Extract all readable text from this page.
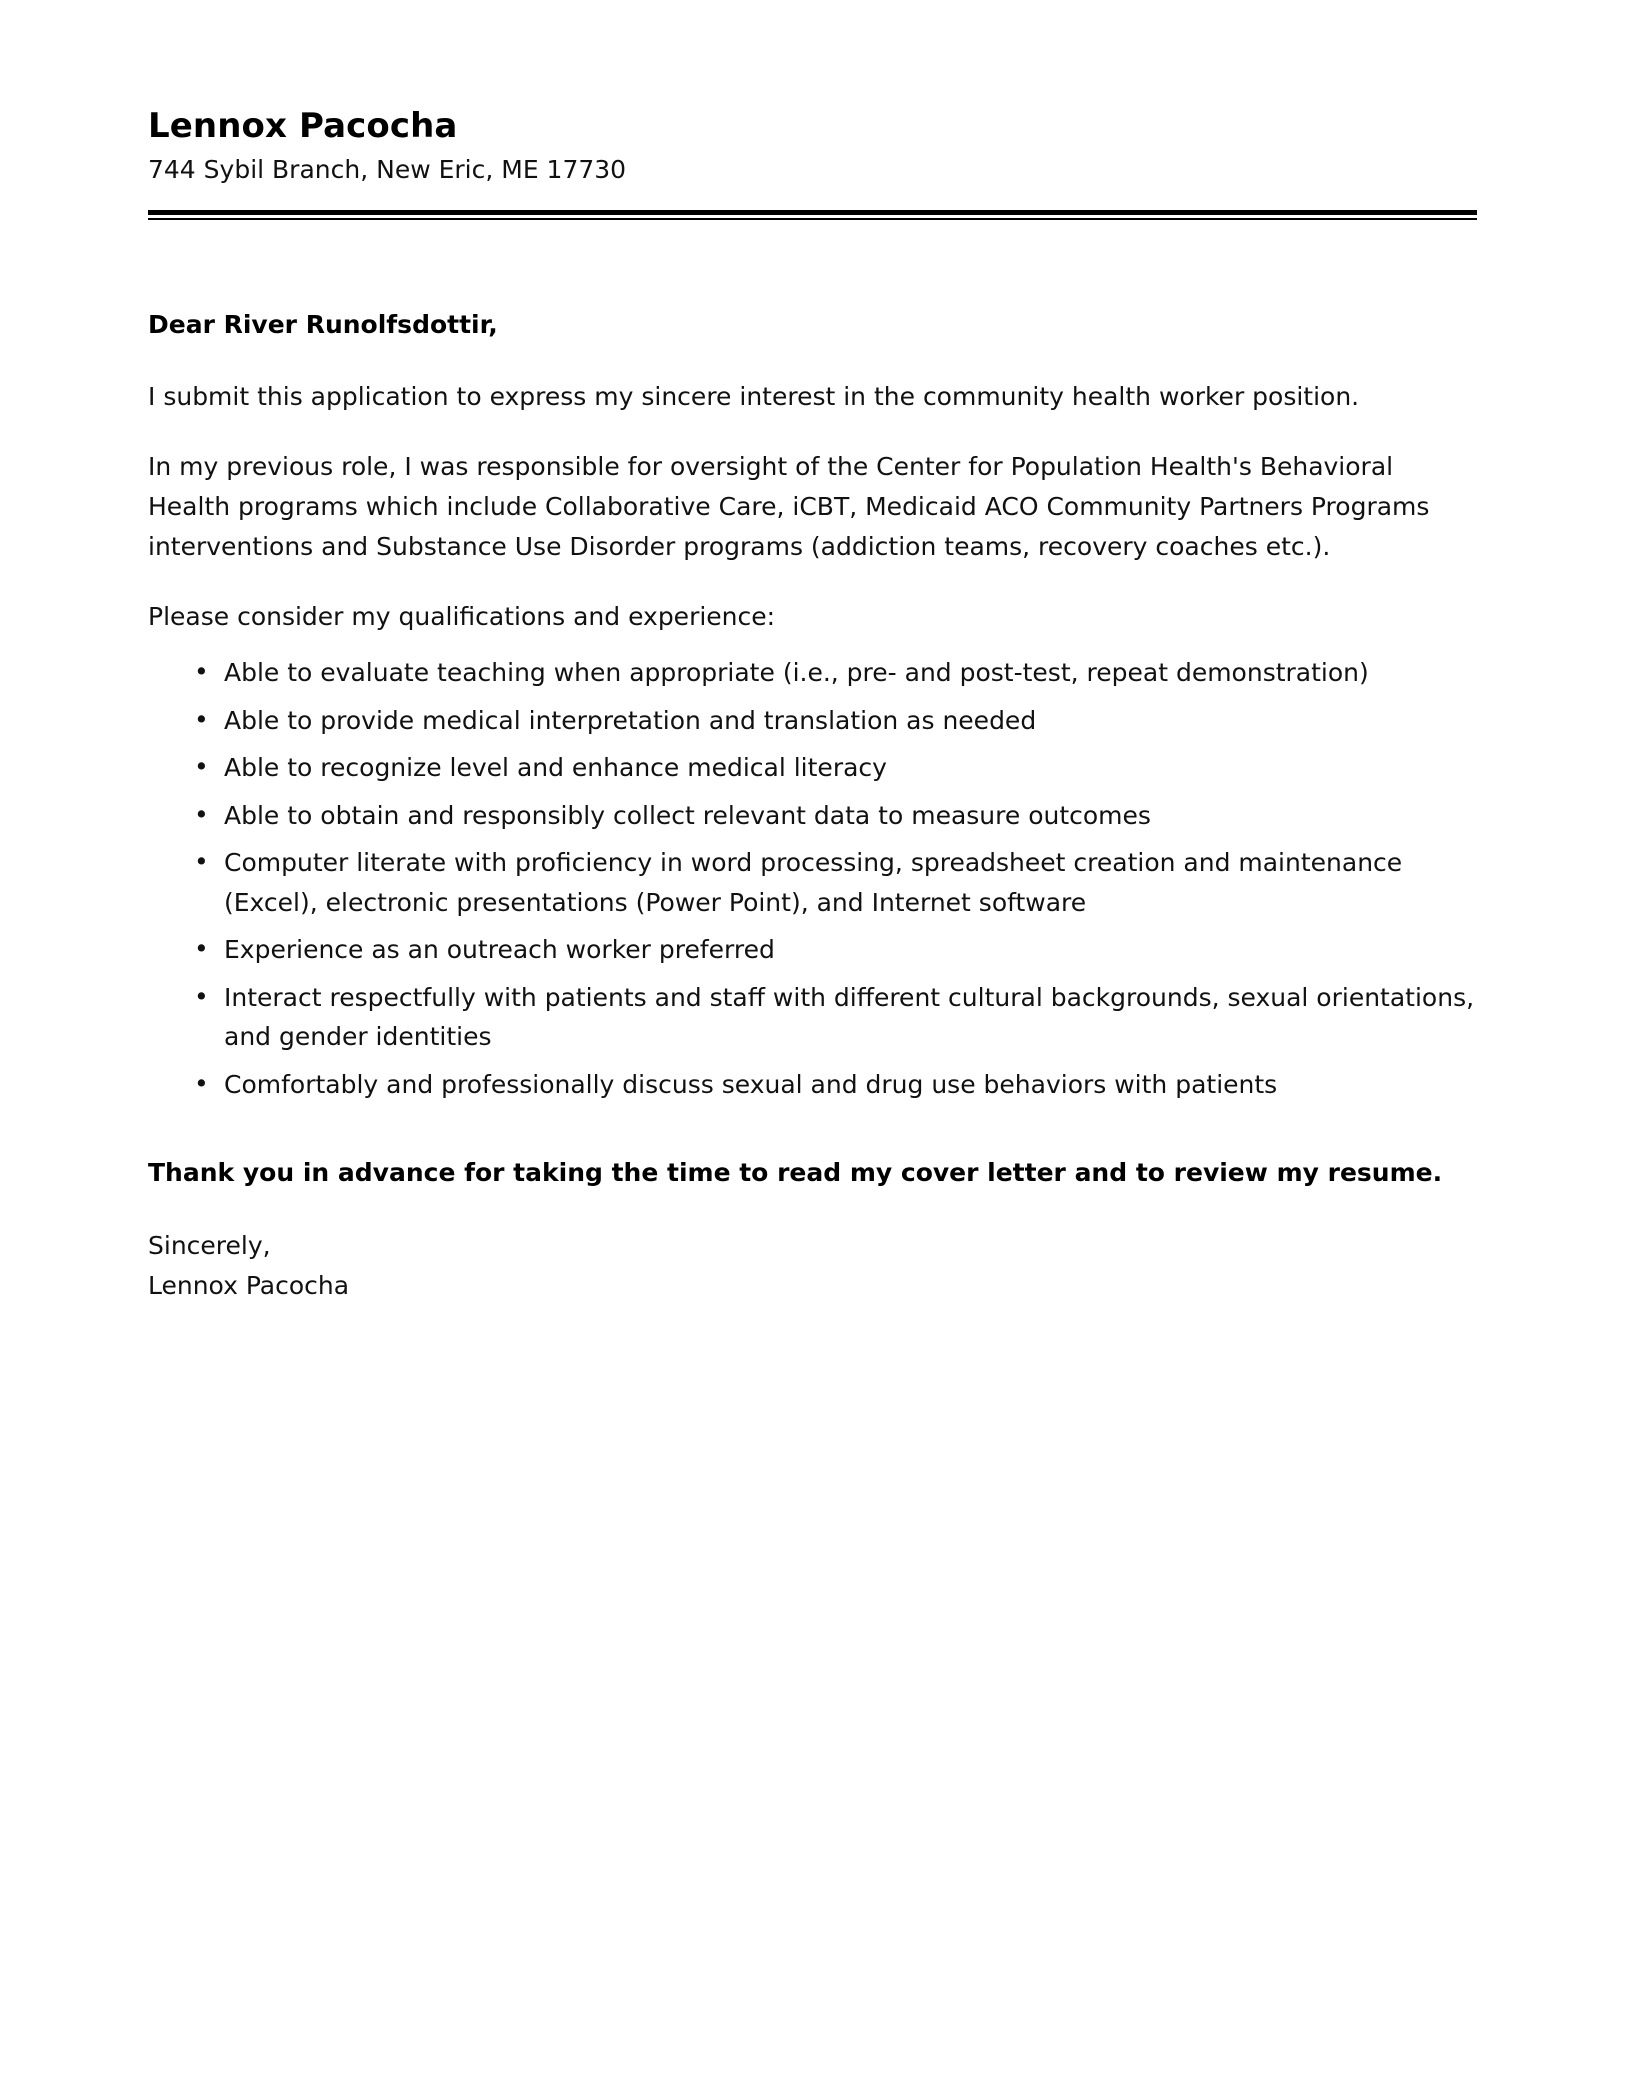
Lennox Pacocha
744 Sybil Branch, New Eric, ME 17730
Dear River Runolfsdottir,

I submit this application to express my sincere interest in the community health worker position.

In my previous role, I was responsible for oversight of the Center for Population Health's Behavioral Health programs which include Collaborative Care, iCBT, Medicaid ACO Community Partners Programs interventions and Substance Use Disorder programs (addiction teams, recovery coaches etc.).

Please consider my qualifications and experience:

• Able to evaluate teaching when appropriate (i.e., pre- and post-test, repeat demonstration)
• Able to provide medical interpretation and translation as needed
• Able to recognize level and enhance medical literacy
• Able to obtain and responsibly collect relevant data to measure outcomes
• Computer literate with proficiency in word processing, spreadsheet creation and maintenance (Excel), electronic presentations (Power Point), and Internet software
• Experience as an outreach worker preferred
• Interact respectfully with patients and staff with different cultural backgrounds, sexual orientations, and gender identities
• Comfortably and professionally discuss sexual and drug use behaviors with patients
Thank you in advance for taking the time to read my cover letter and to review my resume.
Sincerely,
Lennox Pacocha
